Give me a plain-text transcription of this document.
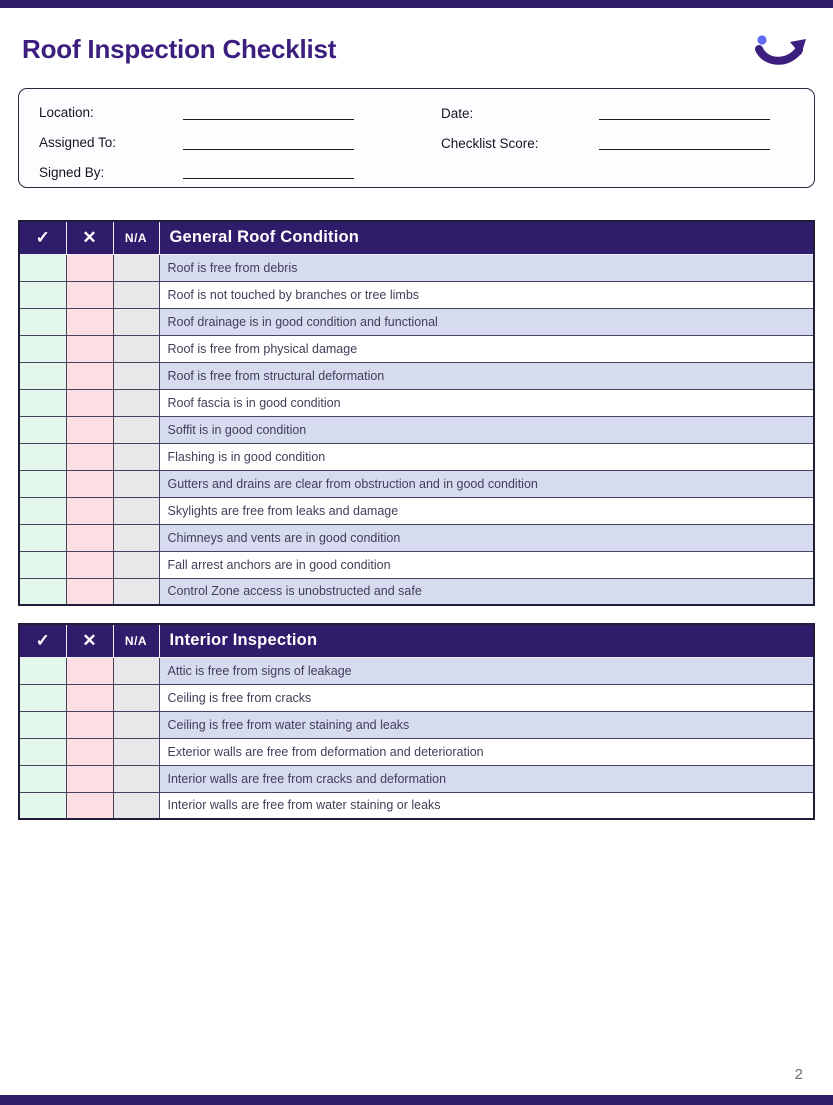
Roof Inspection Checklist
Location:
Assigned To:
Signed By:
Date:
Checklist Score:
✓	✕	N/A	General Roof Condition
			Roof is free from debris
			Roof is not touched by branches or tree limbs
			Roof drainage is in good condition and functional
			Roof is free from physical damage
			Roof is free from structural deformation
			Roof fascia is in good condition
			Soffit is in good condition
			Flashing is in good condition
			Gutters and drains are clear from obstruction and in good condition
			Skylights are free from leaks and damage
			Chimneys and vents are in good condition
			Fall arrest anchors are in good condition
			Control Zone access is unobstructed and safe
✓	✕	N/A	Interior Inspection
			Attic is free from signs of leakage
			Ceiling is free from cracks
			Ceiling is free from water staining and leaks
			Exterior walls are free from deformation and deterioration
			Interior walls are free from cracks and deformation
			Interior walls are free from water staining or leaks
2
